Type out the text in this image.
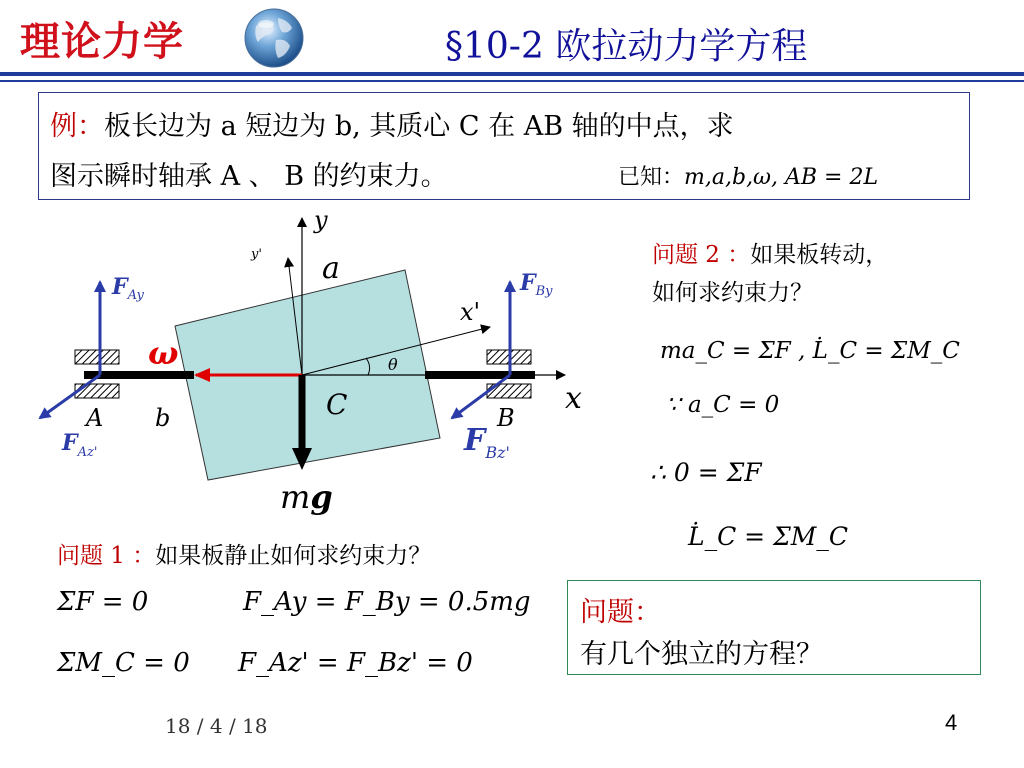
理论力学	§10-2 欧拉动力学方程
例：板长边为 a 短边为 b, 其质心 C 在 AB 轴的中点，求
图示瞬时轴承 A 、 B 的约束力。	已知：m,a,b,ω, AB = 2L
y
y' a
x'
x
θ
C
A b	B
ω
mg
$F_{Ay}$	$F_{By}$
$F_{Az'}$	FBz'
问题 2 ：如果板转动，
如何求约束力？
ma_C = ΣF , L̇_C = ΣM_C
∵ a_C = 0
∴ 0 = ΣF
L̇_C = ΣM_C
问题 1 ：如果板静止如何求约束力？
ΣF = 0	F_Ay = F_By = 0.5mg
ΣM_C = 0 F_Az' = F_Bz' = 0
问题：
有几个独立的方程？
18 / 4 / 18	4
